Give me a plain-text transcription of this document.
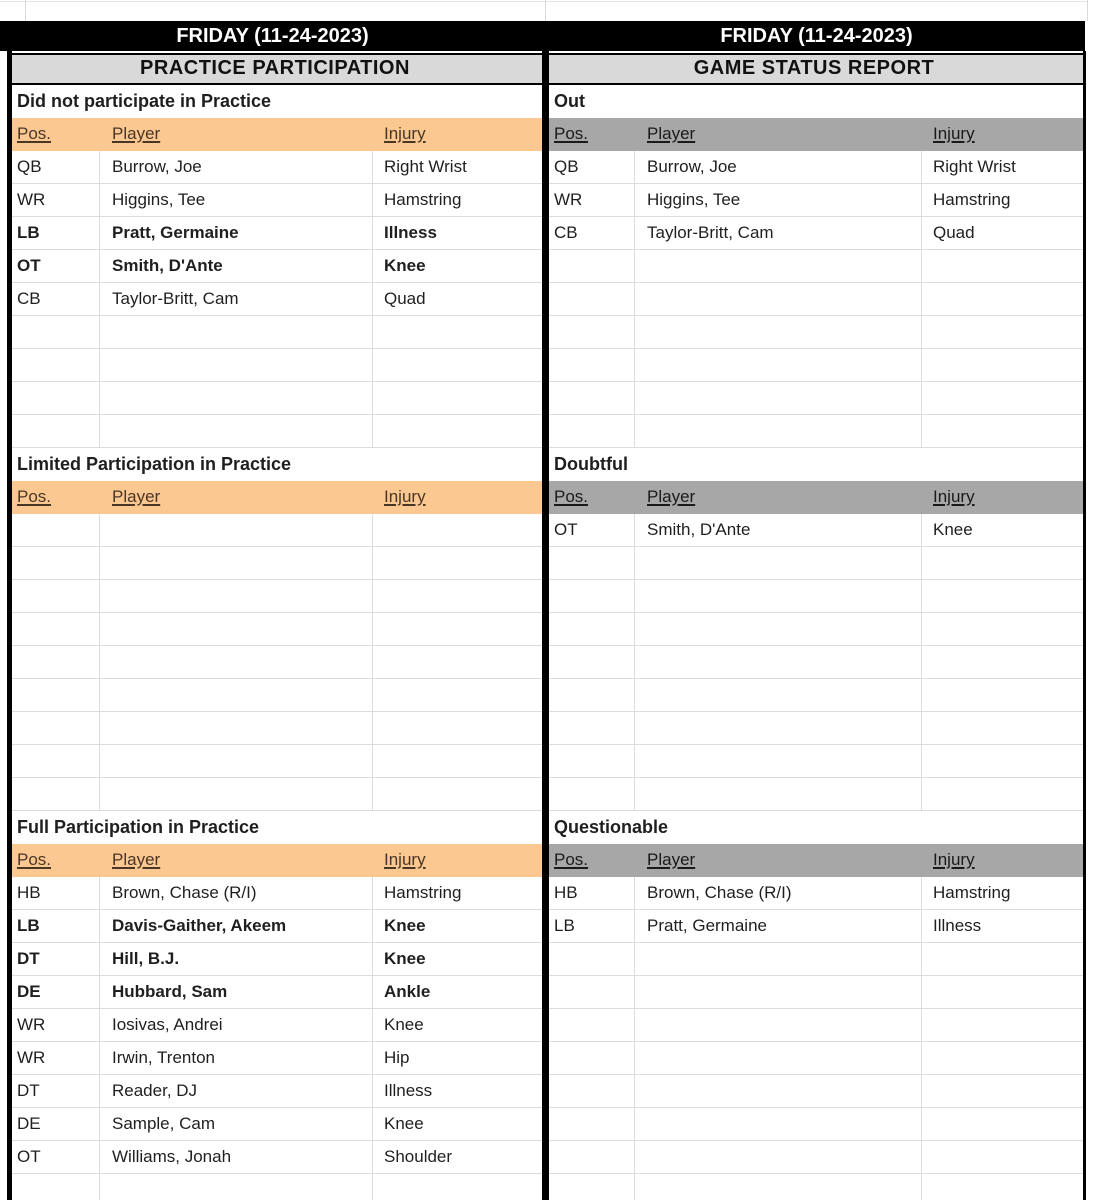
FRIDAY (11-24-2023)	FRIDAY (11-24-2023)
PRACTICE PARTICIPATION	GAME STATUS REPORT
Did not participate in Practice
Pos.	Player	Injury
QB	Burrow, Joe	Right Wrist
WR	Higgins, Tee	Hamstring
LB	Pratt, Germaine	Illness
OT	Smith, D'Ante	Knee
CB	Taylor-Britt, Cam	Quad
Limited Participation in Practice
Pos.	Player	Injury
Full Participation in Practice
Pos.	Player	Injury
HB	Brown, Chase (R/I)	Hamstring
LB	Davis-Gaither, Akeem	Knee
DT	Hill, B.J.	Knee
DE	Hubbard, Sam	Ankle
WR	Iosivas, Andrei	Knee
WR	Irwin, Trenton	Hip
DT	Reader, DJ	Illness
DE	Sample, Cam	Knee
OT	Williams, Jonah	Shoulder
Out
Pos.	Player	Injury
QB	Burrow, Joe	Right Wrist
WR	Higgins, Tee	Hamstring
CB	Taylor-Britt, Cam	Quad
Doubtful
Pos.	Player	Injury
OT	Smith, D'Ante	Knee
Questionable
Pos.	Player	Injury
HB	Brown, Chase (R/I)	Hamstring
LB	Pratt, Germaine	Illness
